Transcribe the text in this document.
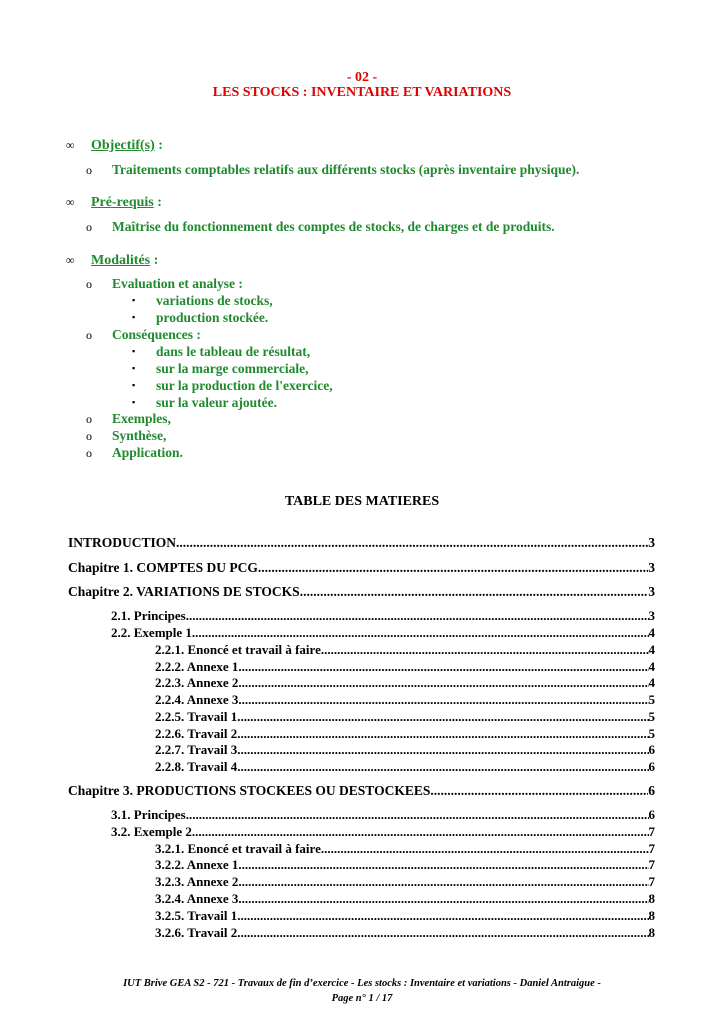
- 02 -
LES STOCKS : INVENTAIRE ET VARIATIONS
∞ Objectif(s) :
o Traitements comptables relatifs aux différents stocks (après inventaire physique).
∞ Pré-requis :
o Maîtrise du fonctionnement des comptes de stocks, de charges et de produits.
∞ Modalités :
o Evaluation et analyse :
▪ variations de stocks,
▪ production stockée.
o Conséquences :
▪ dans le tableau de résultat,
▪ sur la marge commerciale,
▪ sur la production de l'exercice,
▪ sur la valeur ajoutée.
o Exemples,
o Synthèse,
o Application.
TABLE DES MATIERES
INTRODUCTION .....	3
Chapitre 1. COMPTES DU PCG. .....	3
Chapitre 2. VARIATIONS DE STOCKS. .....	3
2.1. Principes. .....	3
2.2. Exemple 1. .....	4
2.2.1. Enoncé et travail à faire. .....	4
2.2.2. Annexe 1. .....	4
2.2.3. Annexe 2. .....	4
2.2.4. Annexe 3. .....	5
2.2.5. Travail 1. .....	5
2.2.6. Travail 2. .....	5
2.2.7. Travail 3. .....	6
2.2.8. Travail 4. .....	6
Chapitre 3. PRODUCTIONS STOCKEES OU DESTOCKEES. .....	6
3.1. Principes. .....	6
3.2. Exemple 2. .....	7
3.2.1. Enoncé et travail à faire. .....	7
3.2.2. Annexe 1. .....	7
3.2.3. Annexe 2. .....	7
3.2.4. Annexe 3. .....	8
3.2.5. Travail 1. .....	8
3.2.6. Travail 2. .....	8
IUT Brive GEA S2 - 721 - Travaux de fin d’exercice - Les stocks : Inventaire et variations - Daniel Antraigue -
Page n° 1 / 17
